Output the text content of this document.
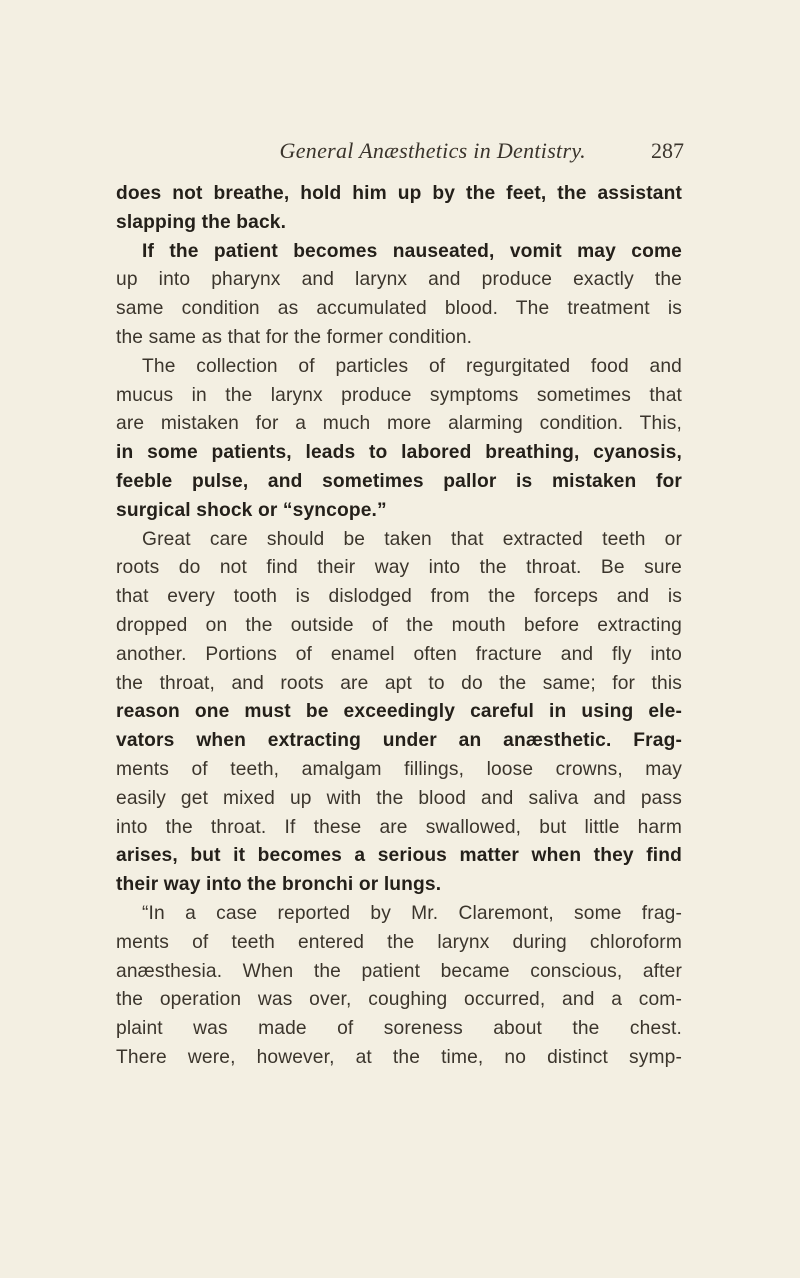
General Anæsthetics in Dentistry.	287
does not breathe, hold him up by the feet, the assistant
slapping the back.
If the patient becomes nauseated, vomit may come
up into pharynx and larynx and produce exactly the
same condition as accumulated blood. The treatment is
the same as that for the former condition.
The collection of particles of regurgitated food and
mucus in the larynx produce symptoms sometimes that
are mistaken for a much more alarming condition. This,
in some patients, leads to labored breathing, cyanosis,
feeble pulse, and sometimes pallor is mistaken for
surgical shock or “syncope.”
Great care should be taken that extracted teeth or
roots do not find their way into the throat. Be sure
that every tooth is dislodged from the forceps and is
dropped on the outside of the mouth before extracting
another. Portions of enamel often fracture and fly into
the throat, and roots are apt to do the same; for this
reason one must be exceedingly careful in using ele-
vators when extracting under an anæsthetic. Frag-
ments of teeth, amalgam fillings, loose crowns, may
easily get mixed up with the blood and saliva and pass
into the throat. If these are swallowed, but little harm
arises, but it becomes a serious matter when they find
their way into the bronchi or lungs.
“In a case reported by Mr. Claremont, some frag-
ments of teeth entered the larynx during chloroform
anæsthesia. When the patient became conscious, after
the operation was over, coughing occurred, and a com-
plaint was made of soreness about the chest.
There were, however, at the time, no distinct symp-
